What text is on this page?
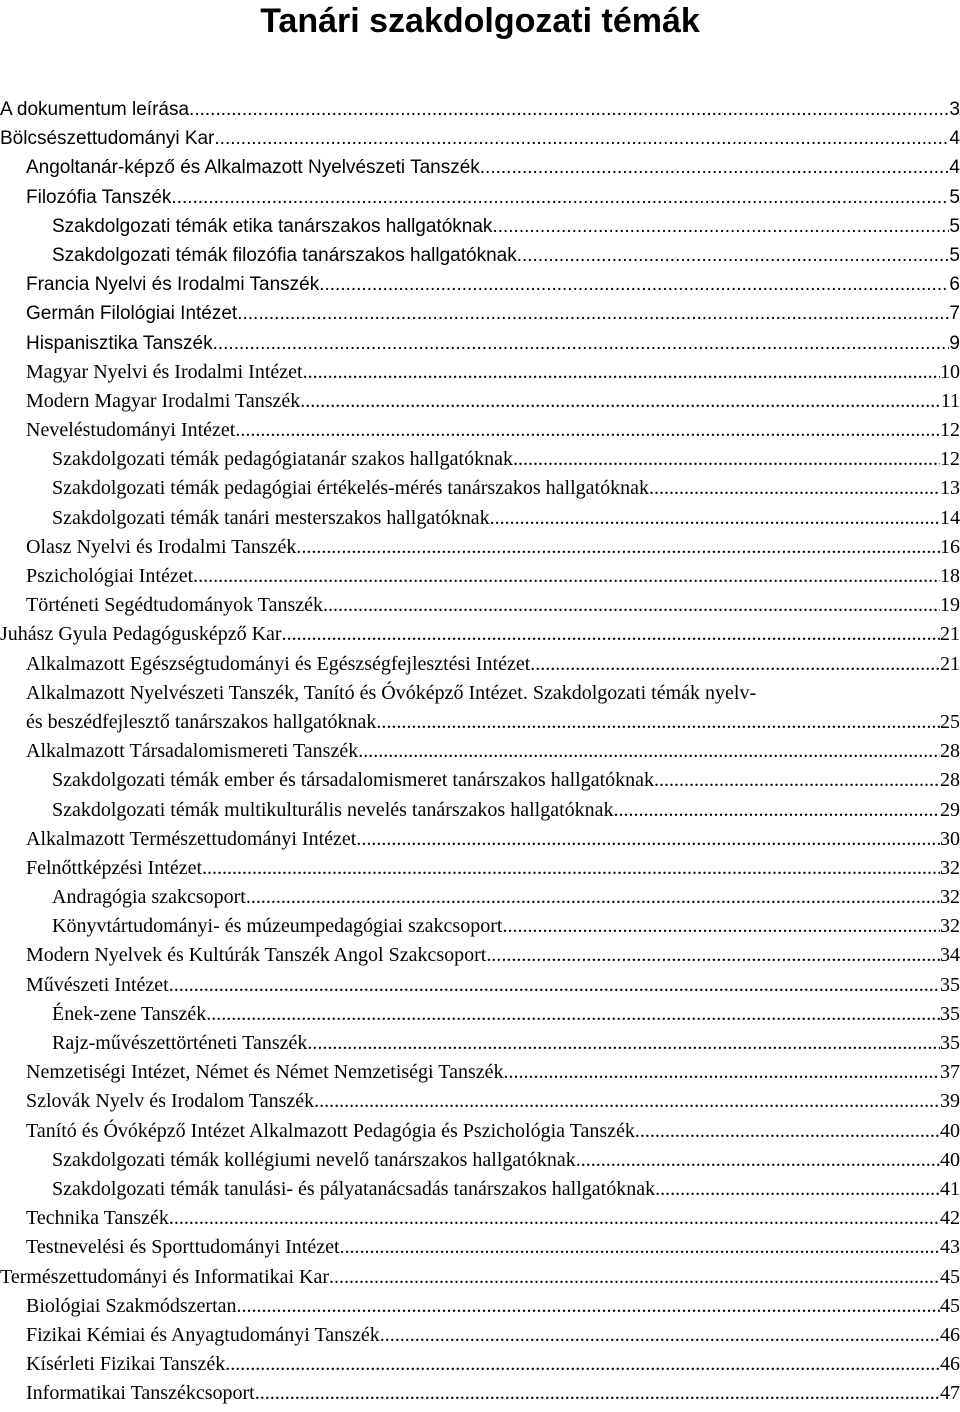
Tanári szakdolgozati témák
A dokumentum leírása .....	3
Bölcsészettudományi Kar .....	4
Angoltanár-képző és Alkalmazott Nyelvészeti Tanszék .....	4
Filozófia Tanszék .....	5
Szakdolgozati témák etika tanárszakos hallgatóknak .....	5
Szakdolgozati témák filozófia tanárszakos hallgatóknak .....	5
Francia Nyelvi és Irodalmi Tanszék .....	6
Germán Filológiai Intézet .....	7
Hispanisztika Tanszék .....	9
Magyar Nyelvi és Irodalmi Intézet .....	10
Modern Magyar Irodalmi Tanszék .....	11
Neveléstudományi Intézet .....	12
Szakdolgozati témák pedagógiatanár szakos hallgatóknak .....	12
Szakdolgozati témák pedagógiai értékelés-mérés tanárszakos hallgatóknak .....	13
Szakdolgozati témák tanári mesterszakos hallgatóknak .....	14
Olasz Nyelvi és Irodalmi Tanszék .....	16
Pszichológiai Intézet .....	18
Történeti Segédtudományok Tanszék .....	19
Juhász Gyula Pedagógusképző Kar .....	21
Alkalmazott Egészségtudományi és Egészségfejlesztési Intézet .....	21
Alkalmazott Nyelvészeti Tanszék, Tanító és Óvóképző Intézet. Szakdolgozati témák nyelv-
és beszédfejlesztő tanárszakos hallgatóknak .....	25
Alkalmazott Társadalomismereti Tanszék .....	28
Szakdolgozati témák ember és társadalomismeret tanárszakos hallgatóknak .....	28
Szakdolgozati témák multikulturális nevelés tanárszakos hallgatóknak .....	29
Alkalmazott Természettudományi Intézet .....	30
Felnőttképzési Intézet .....	32
Andragógia szakcsoport .....	32
Könyvtártudományi- és múzeumpedagógiai szakcsoport .....	32
Modern Nyelvek és Kultúrák Tanszék Angol Szakcsoport .....	34
Művészeti Intézet .....	35
Ének-zene Tanszék .....	35
Rajz-művészettörténeti Tanszék .....	35
Nemzetiségi Intézet, Német és Német Nemzetiségi Tanszék .....	37
Szlovák Nyelv és Irodalom Tanszék .....	39
Tanító és Óvóképző Intézet Alkalmazott Pedagógia és Pszichológia Tanszék .....	40
Szakdolgozati témák kollégiumi nevelő tanárszakos hallgatóknak .....	40
Szakdolgozati témák tanulási- és pályatanácsadás tanárszakos hallgatóknak .....	41
Technika Tanszék .....	42
Testnevelési és Sporttudományi Intézet .....	43
Természettudományi és Informatikai Kar .....	45
Biológiai Szakmódszertan .....	45
Fizikai Kémiai és Anyagtudományi Tanszék .....	46
Kísérleti Fizikai Tanszék .....	46
Informatikai Tanszékcsoport .....	47
